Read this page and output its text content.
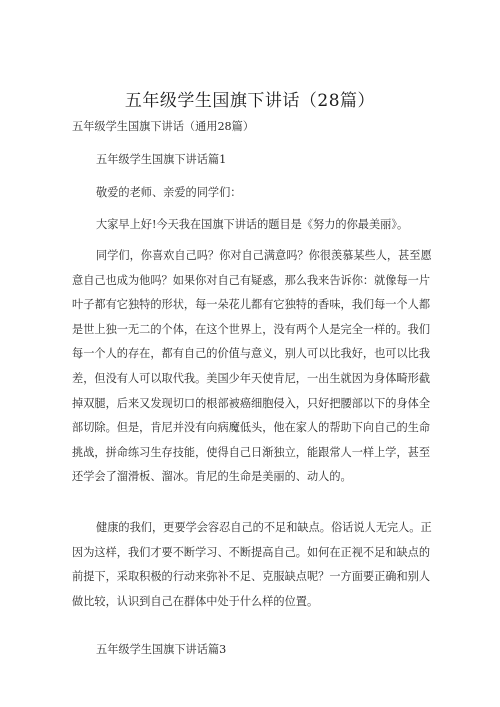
五年级学生国旗下讲话（28篇）
五年级学生国旗下讲话（通用28篇）
五年级学生国旗下讲话篇1
敬爱的老师、亲爱的同学们：
大家早上好!今天我在国旗下讲话的题目是《努力的你最美丽》。
同学们，你喜欢自己吗？你对自己满意吗？你很羡慕某些人，甚至愿
意自己也成为他吗？如果你对自己有疑惑，那么我来告诉你：就像每一片
叶子都有它独特的形状，每一朵花儿都有它独特的香味，我们每一个人都
是世上独一无二的个体，在这个世界上，没有两个人是完全一样的。我们
每一个人的存在，都有自己的价值与意义，别人可以比我好，也可以比我
差，但没有人可以取代我。美国少年天使肯尼，一出生就因为身体畸形截
掉双腿，后来又发现切口的根部被癌细胞侵入，只好把腰部以下的身体全
部切除。但是，肯尼并没有向病魔低头，他在家人的帮助下向自己的生命
挑战，拼命练习生存技能，使得自己日渐独立，能跟常人一样上学，甚至
还学会了溜滑板、溜冰。肯尼的生命是美丽的、动人的。
健康的我们，更要学会容忍自己的不足和缺点。俗话说人无完人。正
因为这样，我们才要不断学习、不断提高自己。如何在正视不足和缺点的
前提下，采取积极的行动来弥补不足、克服缺点呢？一方面要正确和别人
做比较，认识到自己在群体中处于什么样的位置。
五年级学生国旗下讲话篇3
